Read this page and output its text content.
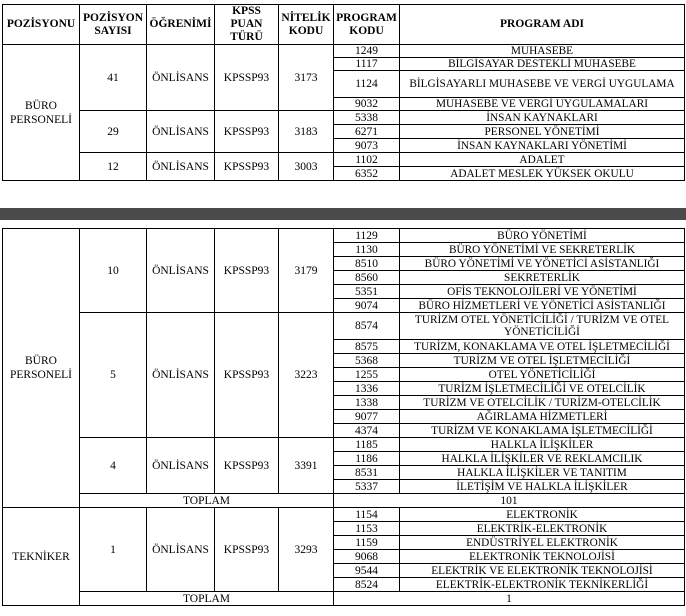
POZİSYONU	POZİSYON SAYISI	ÖĞRENİMİ	KPSS PUAN TÜRÜ	NİTELİK KODU	PROGRAM KODU	PROGRAM ADI
BÜRO PERSONELİ	41	ÖNLİSANS	KPSSP93	3173	1249	MUHASEBE
					1117	BİLGİSAYAR DESTEKLİ MUHASEBE
					1124	BİLGİSAYARLI MUHASEBE VE VERGİ UYGULAMA
					9032	MUHASEBE VE VERGİ UYGULAMALARI
	29	ÖNLİSANS	KPSSP93	3183	5338	İNSAN KAYNAKLARI
					6271	PERSONEL YÖNETİMİ
					9073	İNSAN KAYNAKLARI YÖNETİMİ
	12	ÖNLİSANS	KPSSP93	3003	1102	ADALET
					6352	ADALET MESLEK YÜKSEK OKULU
BÜRO PERSONELİ	10	ÖNLİSANS	KPSSP93	3179	1129	BÜRO YÖNETİMİ
					1130	BÜRO YÖNETİMİ VE SEKRETERLİK
					8510	BÜRO YÖNETİMİ VE YÖNETİCİ ASİSTANLIĞI
					8560	SEKRETERLİK
					5351	OFİS TEKNOLOJİLERİ VE YÖNETİMİ
					9074	BÜRO HİZMETLERİ VE YÖNETİCİ ASİSTANLIĞI
	5	ÖNLİSANS	KPSSP93	3223	8574	TURİZM OTEL YÖNETİCİLİĞİ / TURİZM VE OTEL YÖNETİCİLİĞİ
					8575	TURİZM, KONAKLAMA VE OTEL İŞLETMECİLİĞİ
					5368	TURİZM VE OTEL İŞLETMECİLİĞİ
					1255	OTEL YÖNETİCİLİĞİ
					1336	TURİZM İŞLETMECİLİĞİ VE OTELCİLİK
					1338	TURİZM VE OTELCİLİK / TURİZM-OTELCİLİK
					9077	AĞIRLAMA HİZMETLERİ
					4374	TURİZM VE KONAKLAMA İŞLETMECİLİĞİ
	4	ÖNLİSANS	KPSSP93	3391	1185	HALKLA İLİŞKİLER
					1186	HALKLA İLİŞKİLER VE REKLAMCILIK
					8531	HALKLA İLİŞKİLER VE TANITIM
					5337	İLETİŞİM VE HALKLA İLİŞKİLER
	TOPLAM				101	
TEKNİKER	1	ÖNLİSANS	KPSSP93	3293	1154	ELEKTRONİK
					1153	ELEKTRİK-ELEKTRONİK
					1159	ENDÜSTRİYEL ELEKTRONİK
					9068	ELEKTRONİK TEKNOLOJİSİ
					9544	ELEKTRİK VE ELEKTRONİK TEKNOLOJİSİ
					8524	ELEKTRİK-ELEKTRONİK TEKNİKERLİĞİ
	TOPLAM				1	
